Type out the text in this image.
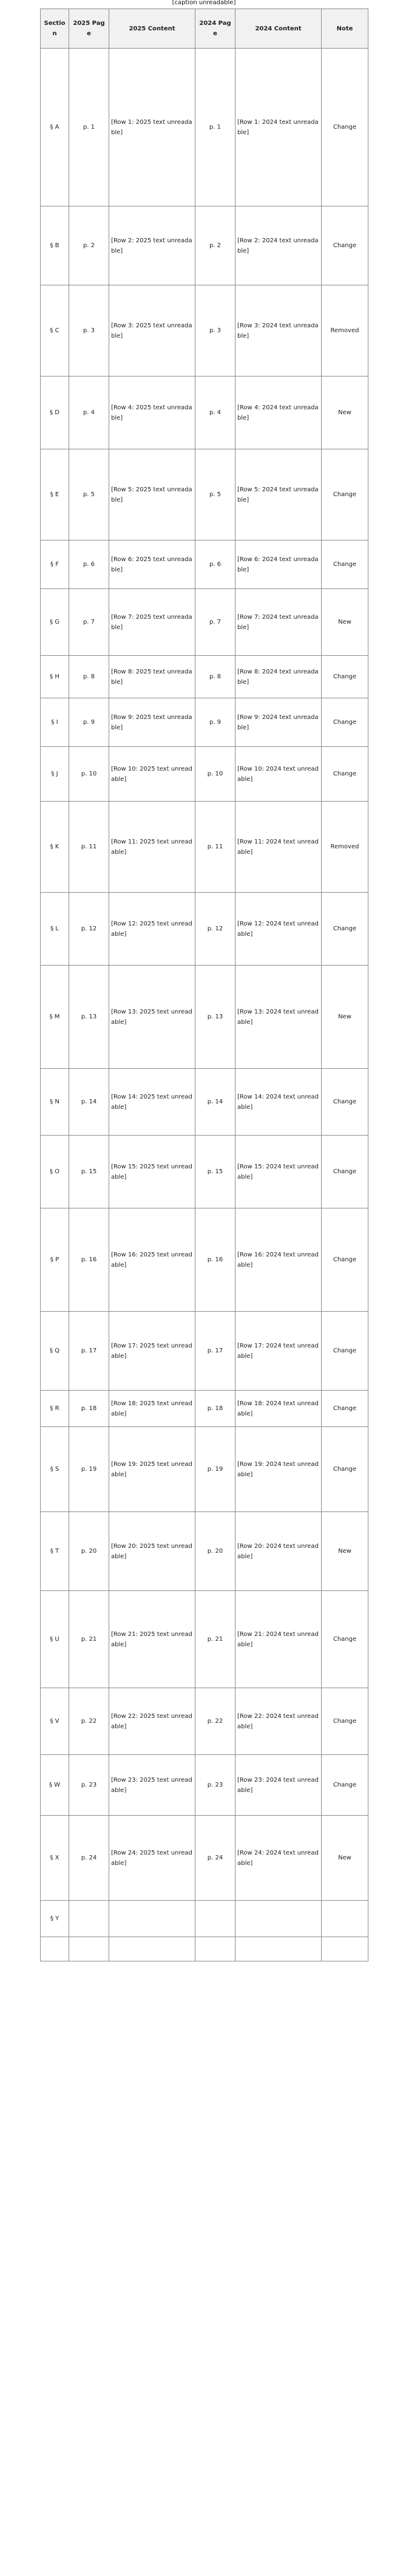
[caption unreadable]
Section	2025 Page	2025 Content	2024 Page	2024 Content	Note
§ A	p. 1	[Row 1: 2025 text unreadable]	p. 1	[Row 1: 2024 text unreadable]	Change
§ B	p. 2	[Row 2: 2025 text unreadable]	p. 2	[Row 2: 2024 text unreadable]	Change
§ C	p. 3	[Row 3: 2025 text unreadable]	p. 3	[Row 3: 2024 text unreadable]	Removed
§ D	p. 4	[Row 4: 2025 text unreadable]	p. 4	[Row 4: 2024 text unreadable]	New
§ E	p. 5	[Row 5: 2025 text unreadable]	p. 5	[Row 5: 2024 text unreadable]	Change
§ F	p. 6	[Row 6: 2025 text unreadable]	p. 6	[Row 6: 2024 text unreadable]	Change
§ G	p. 7	[Row 7: 2025 text unreadable]	p. 7	[Row 7: 2024 text unreadable]	New
§ H	p. 8	[Row 8: 2025 text unreadable]	p. 8	[Row 8: 2024 text unreadable]	Change
§ I	p. 9	[Row 9: 2025 text unreadable]	p. 9	[Row 9: 2024 text unreadable]	Change
§ J	p. 10	[Row 10: 2025 text unreadable]	p. 10	[Row 10: 2024 text unreadable]	Change
§ K	p. 11	[Row 11: 2025 text unreadable]	p. 11	[Row 11: 2024 text unreadable]	Removed
§ L	p. 12	[Row 12: 2025 text unreadable]	p. 12	[Row 12: 2024 text unreadable]	Change
§ M	p. 13	[Row 13: 2025 text unreadable]	p. 13	[Row 13: 2024 text unreadable]	New
§ N	p. 14	[Row 14: 2025 text unreadable]	p. 14	[Row 14: 2024 text unreadable]	Change
§ O	p. 15	[Row 15: 2025 text unreadable]	p. 15	[Row 15: 2024 text unreadable]	Change
§ P	p. 16	[Row 16: 2025 text unreadable]	p. 16	[Row 16: 2024 text unreadable]	Change
§ Q	p. 17	[Row 17: 2025 text unreadable]	p. 17	[Row 17: 2024 text unreadable]	Change
§ R	p. 18	[Row 18: 2025 text unreadable]	p. 18	[Row 18: 2024 text unreadable]	Change
§ S	p. 19	[Row 19: 2025 text unreadable]	p. 19	[Row 19: 2024 text unreadable]	Change
§ T	p. 20	[Row 20: 2025 text unreadable]	p. 20	[Row 20: 2024 text unreadable]	New
§ U	p. 21	[Row 21: 2025 text unreadable]	p. 21	[Row 21: 2024 text unreadable]	Change
§ V	p. 22	[Row 22: 2025 text unreadable]	p. 22	[Row 22: 2024 text unreadable]	Change
§ W	p. 23	[Row 23: 2025 text unreadable]	p. 23	[Row 23: 2024 text unreadable]	Change
§ X	p. 24	[Row 24: 2025 text unreadable]	p. 24	[Row 24: 2024 text unreadable]	New
§ Y					
